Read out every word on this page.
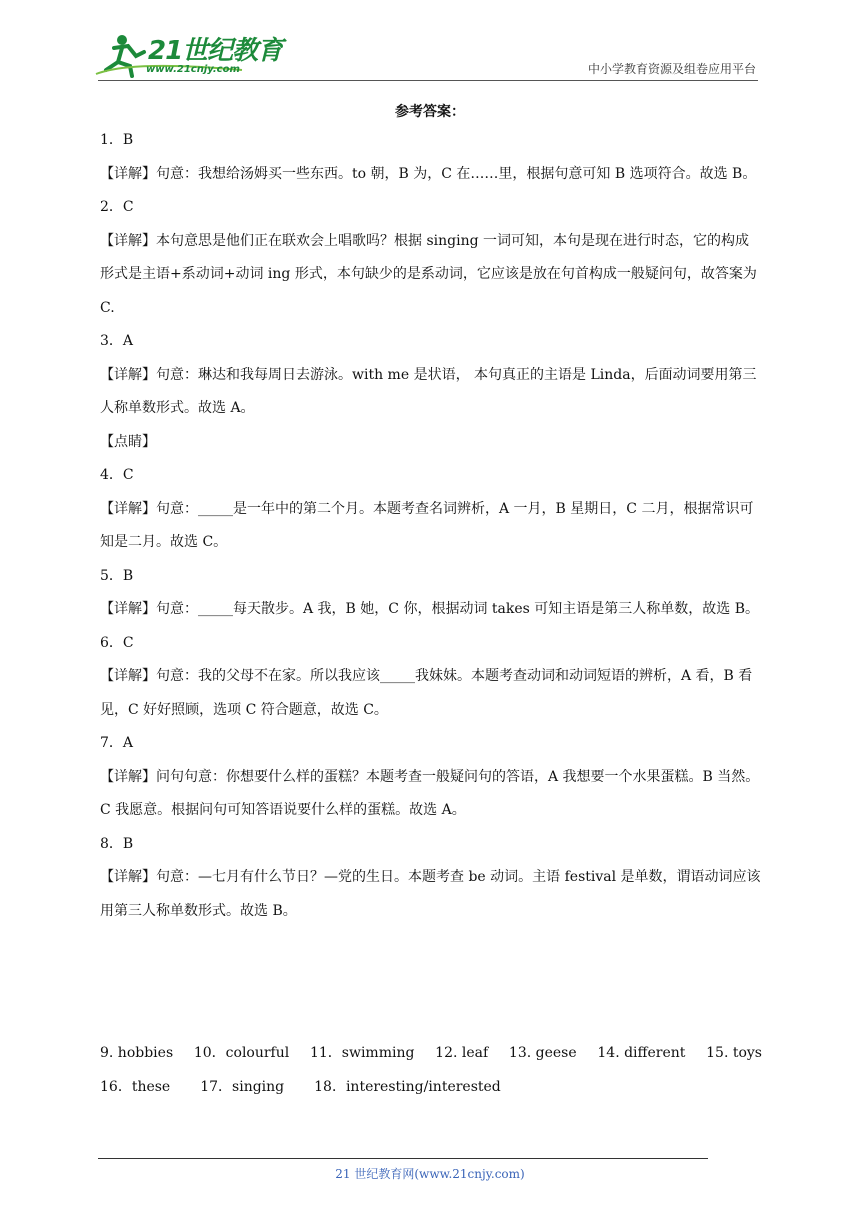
21世纪教育
www.21cnjy.com	中小学教育资源及组卷应用平台
参考答案：

1．B
【详解】句意：我想给汤姆买一些东西。to 朝，B 为，C 在……里，根据句意可知 B 选项符合。故选 B。

2．C
【详解】本句意思是他们正在联欢会上唱歌吗？根据 singing 一词可知，本句是现在进行时态，它的构成形式是主语+系动词+动词 ing 形式，本句缺少的是系动词，它应该是放在句首构成一般疑问句，故答案为 C.

3．A
【详解】句意：琳达和我每周日去游泳。with me 是状语， 本句真正的主语是 Linda，后面动词要用第三人称单数形式。故选 A。

【点睛】

4．C
【详解】句意：_____是一年中的第二个月。本题考查名词辨析，A 一月，B 星期日，C 二月，根据常识可知是二月。故选 C。

5．B
【详解】句意：_____每天散步。A 我，B 她，C 你，根据动词 takes 可知主语是第三人称单数，故选 B。

6．C
【详解】句意：我的父母不在家。所以我应该_____我妹妹。本题考查动词和动词短语的辨析，A 看，B 看见，C 好好照顾，选项 C 符合题意，故选 C。

7．A
【详解】问句句意：你想要什么样的蛋糕？本题考查一般疑问句的答语，A 我想要一个水果蛋糕。B 当然。C 我愿意。根据问句可知答语说要什么样的蛋糕。故选 A。

8．B
【详解】句意：—七月有什么节日？—党的生日。本题考查 be 动词。主语 festival 是单数，谓语动词应该用第三人称单数形式。故选 B。

9. hobbies 10．colourful 11．swimming 12. leaf 13. geese 14. different 15. toys
16．these 17．singing 18．interesting/interested
21 世纪教育网(www.21cnjy.com)
